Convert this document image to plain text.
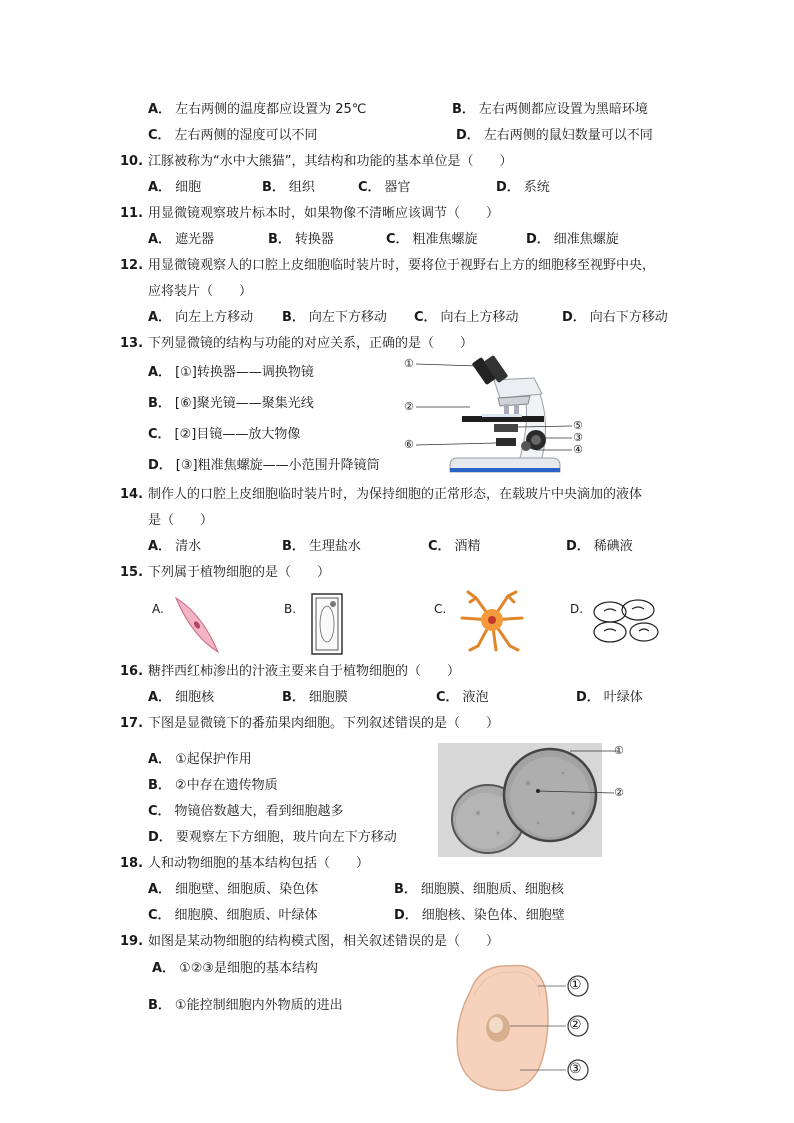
A． 左右两侧的温度都应设置为 25℃	B． 左右两侧都应设置为黑暗环境
C． 左右两侧的湿度可以不同	D． 左右两侧的鼠妇数量可以不同
10. 江豚被称为“水中大熊猫”，其结构和功能的基本单位是（　　）
A． 细胞	B． 组织	C． 器官	D． 系统
11. 用显微镜观察玻片标本时，如果物像不清晰应该调节（　　）
A． 遮光器	B． 转换器	C． 粗准焦螺旋	D． 细准焦螺旋
12. 用显微镜观察人的口腔上皮细胞临时装片时，要将位于视野右上方的细胞移至视野中央，
应将装片（　　）
A． 向左上方移动 B． 向左下方移动 C． 向右上方移动	D． 向右下方移动
13. 下列显微镜的结构与功能的对应关系，正确的是（　　）
A． [①]转换器——调换物镜
B． [⑥]聚光镜——聚集光线
C． [②]目镜——放大物像
D． [③]粗准焦螺旋——小范围升降镜筒
①
②
⑤
③
④
⑥
14. 制作人的口腔上皮细胞临时装片时，为保持细胞的正常形态，在载玻片中央滴加的液体
是（　　）
A． 清水	B． 生理盐水	C． 酒精	D． 稀碘液
15. 下列属于植物细胞的是（　　）
A.	B.	C.	D.
16. 糖拌西红柿渗出的汁液主要来自于植物细胞的（　　）
A． 细胞核	B． 细胞膜	C． 液泡	D． 叶绿体
17. 下图是显微镜下的番茄果肉细胞。下列叙述错误的是（　　）
A． ①起保护作用
B． ②中存在遗传物质
C． 物镜倍数越大，看到细胞越多
D． 要观察左下方细胞，玻片向左下方移动
①
②
18. 人和动物细胞的基本结构包括（　　）
A． 细胞壁、细胞质、染色体	B． 细胞膜、细胞质、细胞核
C． 细胞膜、细胞质、叶绿体	D． 细胞核、染色体、细胞壁
19. 如图是某动物细胞的结构模式图，相关叙述错误的是（　　）
A． ①②③是细胞的基本结构
B． ①能控制细胞内外物质的进出
①
②
③
